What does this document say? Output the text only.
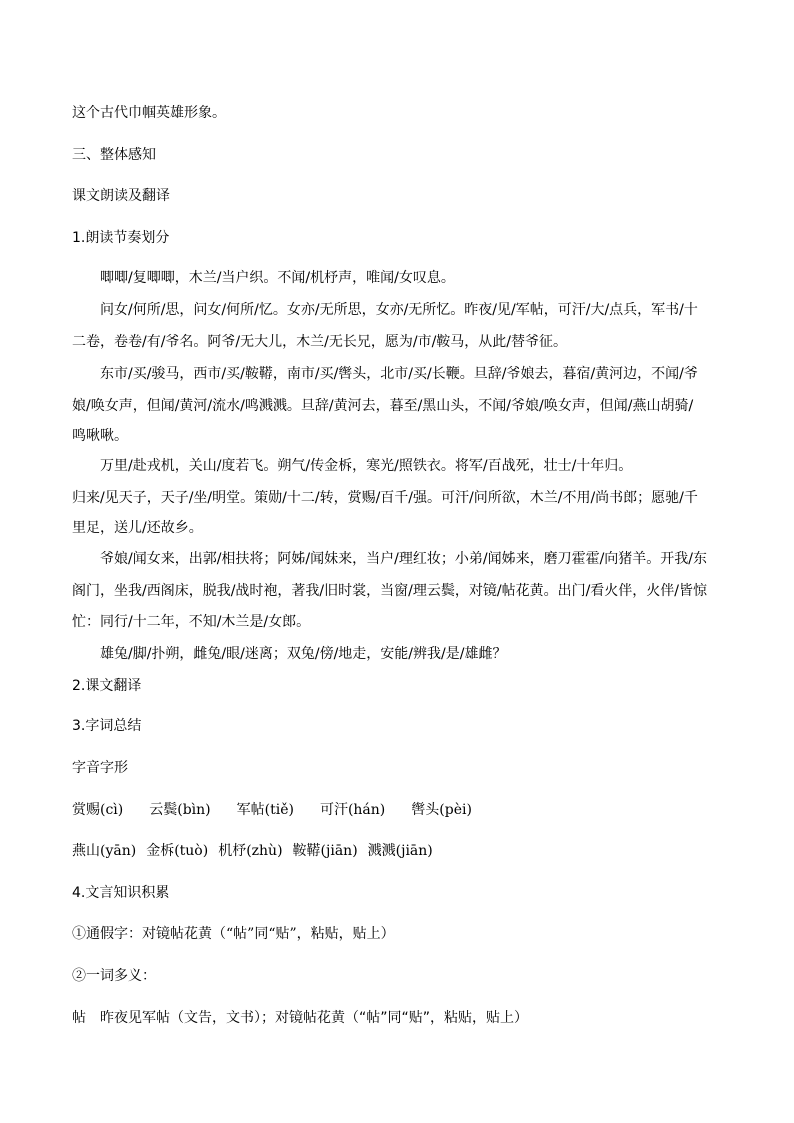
这个古代巾帼英雄形象。
三、整体感知
课文朗读及翻译
1.朗读节奏划分
唧唧/复唧唧，木兰/当户织。不闻/机杼声，唯闻/女叹息。
问女/何所/思，问女/何所/忆。女亦/无所思，女亦/无所忆。昨夜/见/军帖，可汗/大/点兵，军书/十
二卷，卷卷/有/爷名。阿爷/无大儿，木兰/无长兄，愿为/市/鞍马，从此/替爷征。
东市/买/骏马，西市/买/鞍鞯，南市/买/辔头，北市/买/长鞭。旦辞/爷娘去，暮宿/黄河边，不闻/爷
娘/唤女声，但闻/黄河/流水/鸣溅溅。旦辞/黄河去，暮至/黑山头，不闻/爷娘/唤女声，但闻/燕山胡骑/
鸣啾啾。
万里/赴戎机，关山/度若飞。朔气/传金柝，寒光/照铁衣。将军/百战死，壮士/十年归。
归来/见天子，天子/坐/明堂。策勋/十二/转，赏赐/百千/强。可汗/问所欲，木兰/不用/尚书郎；愿驰/千
里足，送儿/还故乡。
爷娘/闻女来，出郭/相扶将；阿姊/闻妹来，当户/理红妆；小弟/闻姊来，磨刀霍霍/向猪羊。开我/东
阁门，坐我/西阁床，脱我/战时袍，著我/旧时裳，当窗/理云鬓，对镜/帖花黄。出门/看火伴，火伴/皆惊
忙：同行/十二年，不知/木兰是/女郎。
雄兔/脚/扑朔，雌兔/眼/迷离；双兔/傍/地走，安能/辨我/是/雄雌？
2.课文翻译
3.字词总结
字音字形
赏赐(cì) 云鬓(bìn) 军帖(tiě) 可汗(hán) 辔头(pèi)
燕山(yān) 金柝(tuò) 机杼(zhù) 鞍鞯(jiān) 溅溅(jiān)
4.文言知识积累
①通假字：对镜帖花黄（“帖”同“贴”，粘贴，贴上）
②一词多义：
帖　昨夜见军帖（文告，文书）；对镜帖花黄（“帖”同“贴”，粘贴，贴上）
